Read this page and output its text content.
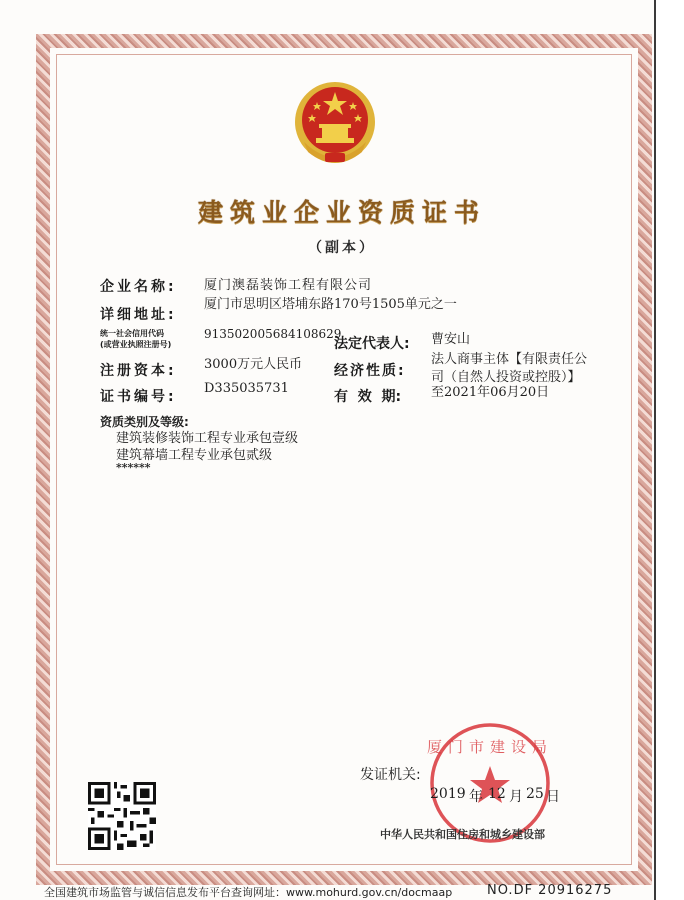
建筑业企业资质证书
（副本）
企业名称: 厦门澳磊装饰工程有限公司
详细地址:
厦门市思明区塔埔东路170号1505单元之一
统一社会信用代码
(或营业执照注册号)
913502005684108629
法定代表人: 曹安山
注册资本: 3000万元人民币 经济性质:
法人商事主体【有限责任公
司（自然人投资或控股）】
证书编号:
D335035731
有  效  期: 至2021年06月20日
资质类别及等级:
建筑装修装饰工程专业承包壹级
建筑幕墙工程专业承包贰级
******
发证机关:
厦门市建设局
2019 年 12 月 25 日
中华人民共和国住房和城乡建设部
全国建筑市场监管与诚信信息发布平台查询网址：www.mohurd.gov.cn/docmaap	NO.DF 20916275
